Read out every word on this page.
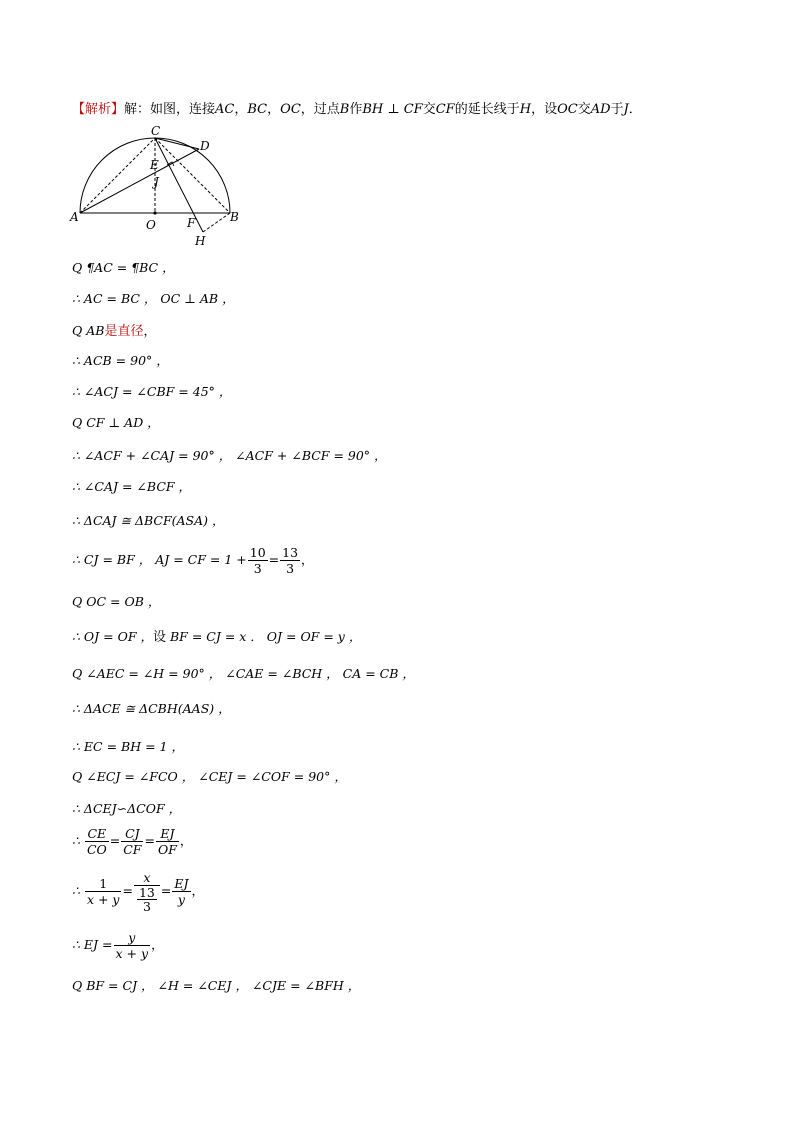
【解析】解：如图，连接AC，BC，OC，过点B作BH ⊥ CF交CF的延长线于H，设OC交AD于J．
C
D
E
J
A	B
O	F
H
Q ¶AC = ¶BC ，
∴ AC = BC ， OC ⊥ AB ，
Q AB是直径，
∴ ACB = 90° ，
∴ ∠ACJ = ∠CBF = 45° ，
Q CF ⊥ AD ，
∴ ∠ACF + ∠CAJ = 90° ， ∠ACF + ∠BCF = 90° ，
∴ ∠CAJ = ∠BCF ，
∴ ΔCAJ ≅ ΔBCF(ASA) ，
∴ CJ = BF ， AJ = CF = $1 + \frac{10}{3} = \frac{13}{3}$ ，
Q OC = OB ，
∴ OJ = OF ，设 BF = CJ = x ． OJ = OF = y ，
Q ∠AEC = ∠H = 90° ， ∠CAE = ∠BCH ， CA = CB ，
∴ ΔACE ≅ ΔCBH(AAS) ，
∴ EC = BH = 1 ，
Q ∠ECJ = ∠FCO ， ∠CEJ = ∠COF = 90° ，
∴ ΔCEJ∽ΔCOF ，
∴ $\frac{CE}{CO} = \frac{CJ}{CF} = \frac{EJ}{OF}$ ，
∴ $\frac{1}{x + y} = \frac{x}{\frac{13}{3}} = \frac{EJ}{y}$ ，
∴ EJ = $\frac{y}{x + y}$ ，
Q BF = CJ ， ∠H = ∠CEJ ， ∠CJE = ∠BFH ，
